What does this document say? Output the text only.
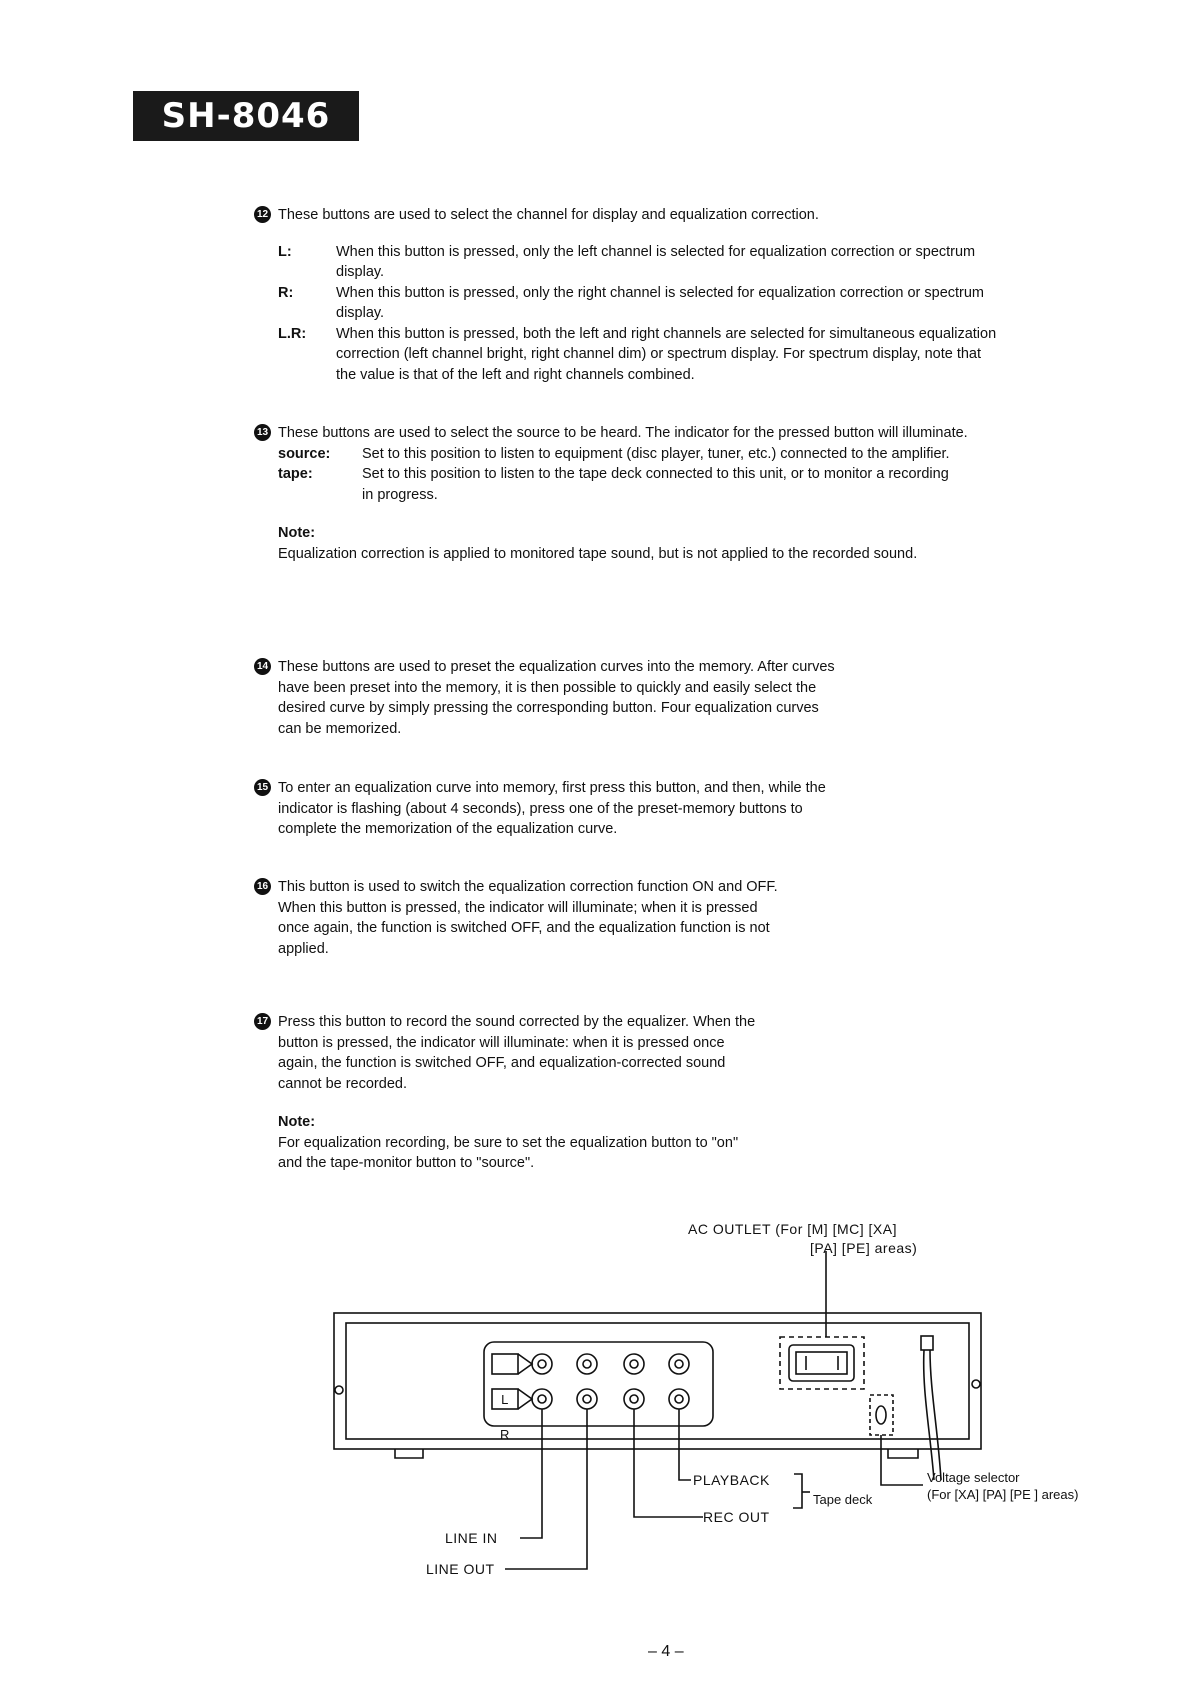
SH-8046
12 These buttons are used to select the channel for display and equalization correction.
L:	When this button is pressed, only the left channel is selected for equalization correction or spectrum display.
R:	When this button is pressed, only the right channel is selected for equalization correction or spectrum display.
L.R:	When this button is pressed, both the left and right channels are selected for simultaneous equalization correction (left channel bright, right channel dim) or spectrum display. For spectrum display, note that the value is that of the left and right channels combined.
13 These buttons are used to select the source to be heard. The indicator for the pressed button will illuminate.
source:	Set to this position to listen to equipment (disc player, tuner, etc.) connected to the amplifier.
tape:	Set to this position to listen to the tape deck connected to this unit, or to monitor a recording in progress.
Note:
Equalization correction is applied to monitored tape sound, but is not applied to the recorded sound.
14 These buttons are used to preset the equalization curves into the memory. After curves have been preset into the memory, it is then possible to quickly and easily select the desired curve by simply pressing the corresponding button. Four equalization curves can be memorized.
15 To enter an equalization curve into memory, first press this button, and then, while the indicator is flashing (about 4 seconds), press one of the preset-memory buttons to complete the memorization of the equalization curve.
16 This button is used to switch the equalization correction function ON and OFF.
When this button is pressed, the indicator will illuminate; when it is pressed once again, the function is switched OFF, and the equalization function is not applied.
17 Press this button to record the sound corrected by the equalizer. When the button is pressed, the indicator will illuminate: when it is pressed once again, the function is switched OFF, and equalization-corrected sound cannot be recorded.
Note:
For equalization recording, be sure to set the equalization button to "on" and the tape-monitor button to "source".
AC OUTLET (For [M] [MC] [XA]
[PA] [PE] areas)
L
R
PLAYBACK
REC OUT
Tape deck
LINE IN
LINE OUT
Voltage selector
(For [XA] [PA] [PE ] areas)
– 4 –
